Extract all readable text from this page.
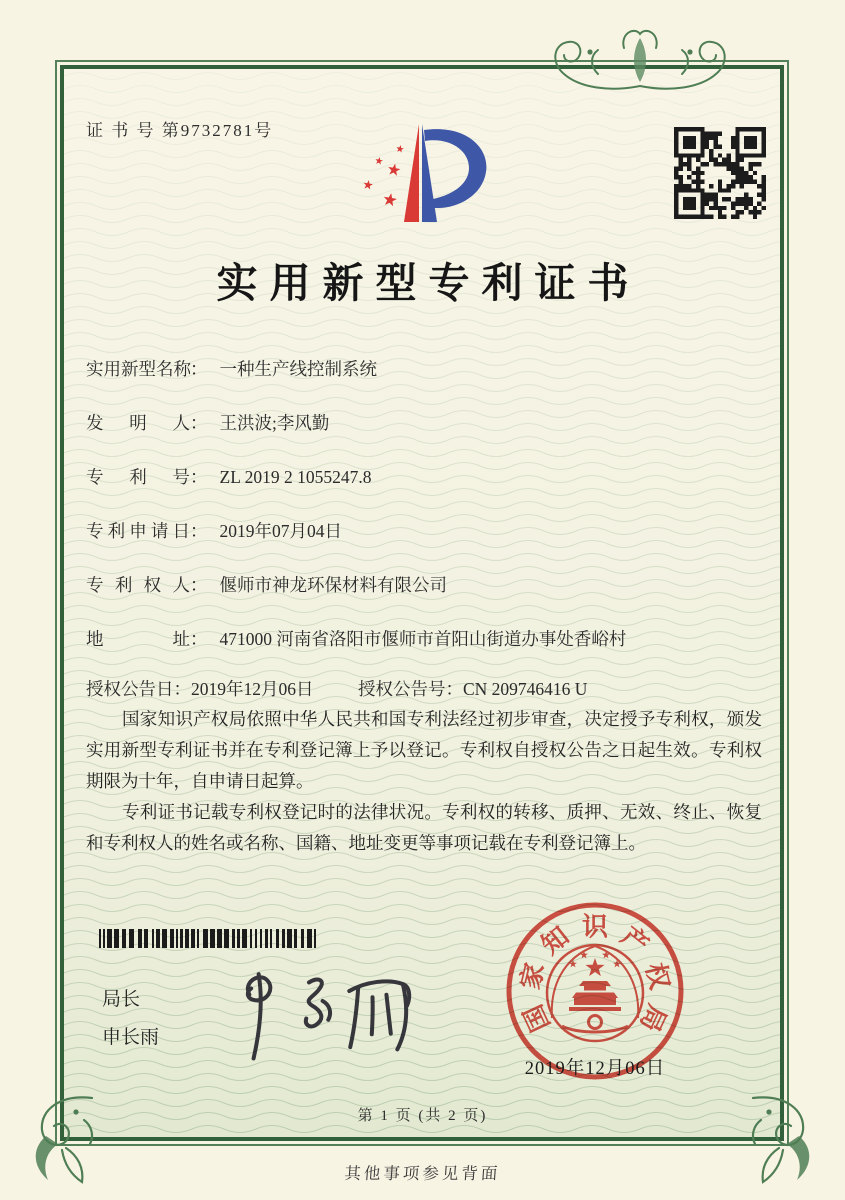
证 书 号 第9732781号
实用新型专利证书
实用新型名称： 一种生产线控制系统
发明人： 王洪波;李风勤
专利号： ZL 2019 2 1055247.8
专利申请日： 2019年07月04日
专利权人： 偃师市神龙环保材料有限公司
地址： 471000 河南省洛阳市偃师市首阳山街道办事处香峪村
授权公告日：2019年12月06日	授权公告号：CN 209746416 U

国家知识产权局依照中华人民共和国专利法经过初步审查，决定授予专利权，颁发实用新型专利证书并在专利登记簿上予以登记。专利权自授权公告之日起生效。专利权期限为十年，自申请日起算。

专利证书记载专利权登记时的法律状况。专利权的转移、质押、无效、终止、恢复和专利权人的姓名或名称、国籍、地址变更等事项记载在专利登记簿上。

局长
申长雨
国
家
知 识 产
权
局
2019年12月06日
第 1 页 (共 2 页)
其他事项参见背面
